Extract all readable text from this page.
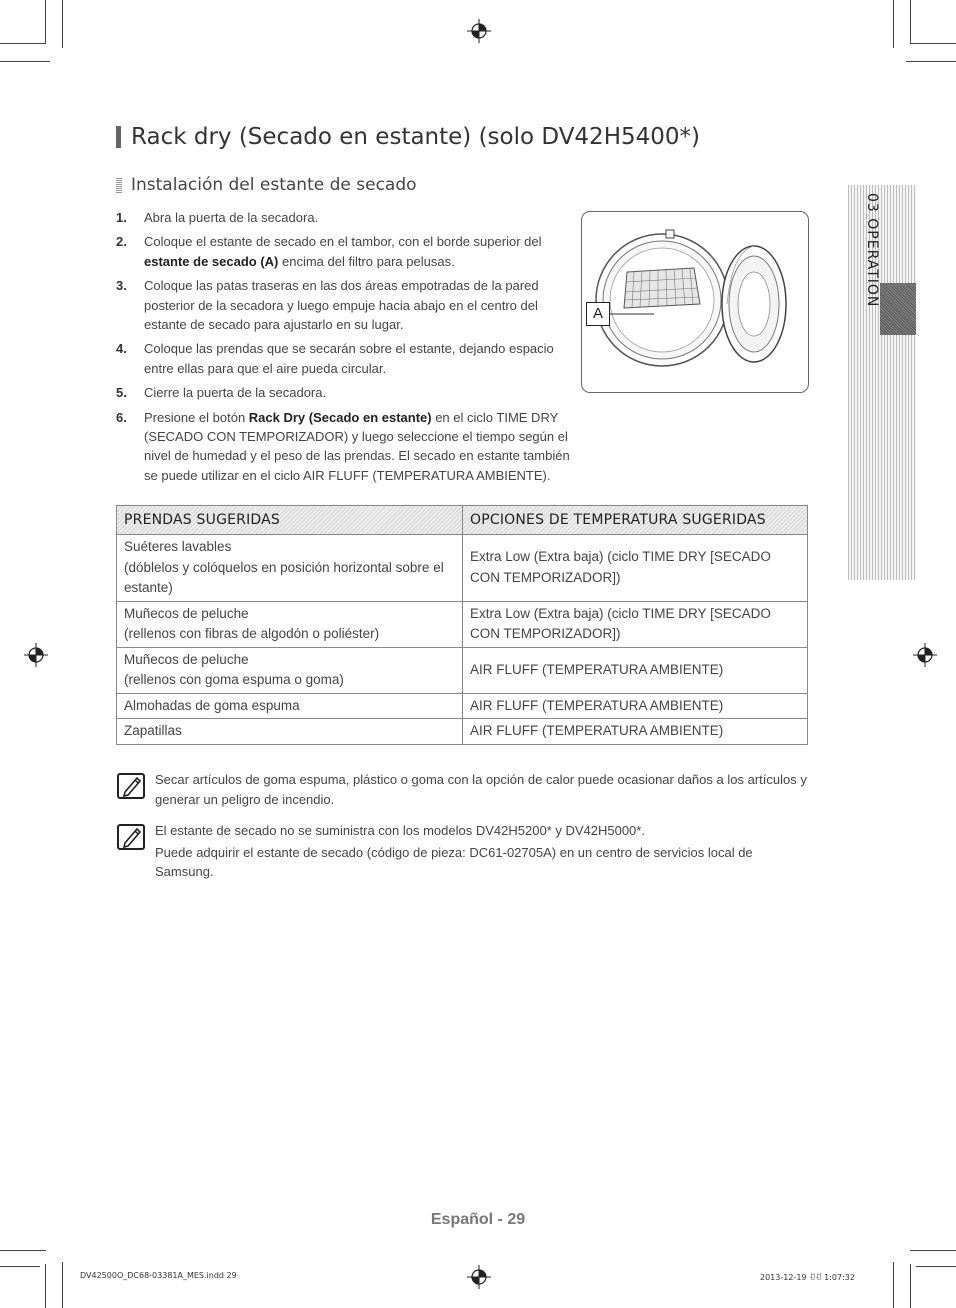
Rack dry (Secado en estante) (solo DV42H5400*)
Instalación del estante de secado
1.	Abra la puerta de la secadora.
2.	Coloque el estante de secado en el tambor, con el borde superior del estante de secado (A) encima del filtro para pelusas.
3.	Coloque las patas traseras en las dos áreas empotradas de la pared posterior de la secadora y luego empuje hacia abajo en el centro del estante de secado para ajustarlo en su lugar.
4.	Coloque las prendas que se secarán sobre el estante, dejando espacio entre ellas para que el aire pueda circular.
5.	Cierre la puerta de la secadora.
6.	Presione el botón Rack Dry (Secado en estante) en el ciclo TIME DRY (SECADO CON TEMPORIZADOR) y luego seleccione el tiempo según el nivel de humedad y el peso de las prendas. El secado en estante también se puede utilizar en el ciclo AIR FLUFF (TEMPERATURA AMBIENTE).
A
03 OPERATION
PRENDAS SUGERIDAS	OPCIONES DE TEMPERATURA SUGERIDAS

Suéteres lavables
(dóblelos y colóquelos en posición horizontal sobre el estante)	Extra Low (Extra baja) (ciclo TIME DRY [SECADO CON TEMPORIZADOR])

Muñecos de peluche
(rellenos con fibras de algodón o poliéster)	Extra Low (Extra baja) (ciclo TIME DRY [SECADO CON TEMPORIZADOR])

Muñecos de peluche
(rellenos con goma espuma o goma)	AIR FLUFF (TEMPERATURA AMBIENTE)

Almohadas de goma espuma	AIR FLUFF (TEMPERATURA AMBIENTE)

Zapatillas	AIR FLUFF (TEMPERATURA AMBIENTE)

Secar artículos de goma espuma, plástico o goma con la opción de calor puede ocasionar daños a los artículos y generar un peligro de incendio.

El estante de secado no se suministra con los modelos DV42H5200* y DV42H5000*.

Puede adquirir el estante de secado (código de pieza: DC61-02705A) en un centro de servicios local de Samsung.

Español - 29
DV42500O_DC68-03381A_MES.indd 29	2013-12-19 ꀀꀀ 1:07:32
